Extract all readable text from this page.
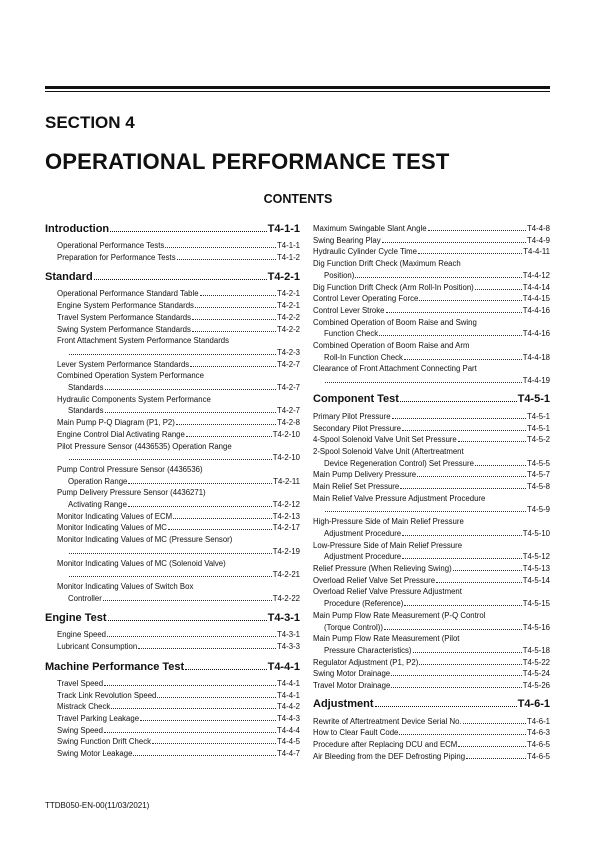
SECTION 4
OPERATIONAL PERFORMANCE TEST
CONTENTS
Introduction	T4-1-1
Operational Performance Tests	T4-1-1
Preparation for Performance Tests	T4-1-2
Standard	T4-2-1
Operational Performance Standard Table	T4-2-1
Engine System Performance Standards	T4-2-1
Travel System Performance Standards	T4-2-2
Swing System Performance Standards	T4-2-2
Front Attachment System Performance Standards
T4-2-3
Lever System Performance Standards	T4-2-7
Combined Operation System Performance
Standards	T4-2-7
Hydraulic Components System Performance
Standards	T4-2-7
Main Pump P-Q Diagram (P1, P2)	T4-2-8
Engine Control Dial Activating Range	T4-2-10
Pilot Pressure Sensor (4436535) Operation Range
T4-2-10
Pump Control Pressure Sensor (4436536)
Operation Range	T4-2-11
Pump Delivery Pressure Sensor (4436271)
Activating Range	T4-2-12
Monitor Indicating Values of ECM	T4-2-13
Monitor Indicating Values of MC	T4-2-17
Monitor Indicating Values of MC (Pressure Sensor)
T4-2-19
Monitor Indicating Values of MC (Solenoid Valve)
T4-2-21
Monitor Indicating Values of Switch Box
Controller	T4-2-22
Engine Test	T4-3-1
Engine Speed	T4-3-1
Lubricant Consumption	T4-3-3
Machine Performance Test	T4-4-1
Travel Speed	T4-4-1
Track Link Revolution Speed	T4-4-1
Mistrack Check	T4-4-2
Travel Parking Leakage	T4-4-3
Swing Speed	T4-4-4
Swing Function Drift Check	T4-4-5
Swing Motor Leakage	T4-4-7
Maximum Swingable Slant Angle	T4-4-8
Swing Bearing Play	T4-4-9
Hydraulic Cylinder Cycle Time	T4-4-11
Dig Function Drift Check (Maximum Reach
Position)	T4-4-12
Dig Function Drift Check (Arm Roll-In Position)	T4-4-14
Control Lever Operating Force	T4-4-15
Control Lever Stroke	T4-4-16
Combined Operation of Boom Raise and Swing
Function Check	T4-4-16
Combined Operation of Boom Raise and Arm
Roll-In Function Check	T4-4-18
Clearance of Front Attachment Connecting Part
T4-4-19
Component Test	T4-5-1
Primary Pilot Pressure	T4-5-1
Secondary Pilot Pressure	T4-5-1
4-Spool Solenoid Valve Unit Set Pressure	T4-5-2
2-Spool Solenoid Valve Unit (Aftertreatment
Device Regeneration Control) Set Pressure	T4-5-5
Main Pump Delivery Pressure	T4-5-7
Main Relief Set Pressure	T4-5-8
Main Relief Valve Pressure Adjustment Procedure
T4-5-9
High-Pressure Side of Main Relief Pressure
Adjustment Procedure	T4-5-10
Low-Pressure Side of Main Relief Pressure
Adjustment Procedure	T4-5-12
Relief Pressure (When Relieving Swing)	T4-5-13
Overload Relief Valve Set Pressure	T4-5-14
Overload Relief Valve Pressure Adjustment
Procedure (Reference)	T4-5-15
Main Pump Flow Rate Measurement (P-Q Control
(Torque Control))	T4-5-16
Main Pump Flow Rate Measurement (Pilot
Pressure Characteristics)	T4-5-18
Regulator Adjustment (P1, P2)	T4-5-22
Swing Motor Drainage	T4-5-24
Travel Motor Drainage	T4-5-26
Adjustment	T4-6-1
Rewrite of Aftertreatment Device Serial No.	T4-6-1
How to Clear Fault Code	T4-6-3
Procedure after Replacing DCU and ECM	T4-6-5
Air Bleeding from the DEF Defrosting Piping	T4-6-5
TTDB050-EN-00(11/03/2021)
